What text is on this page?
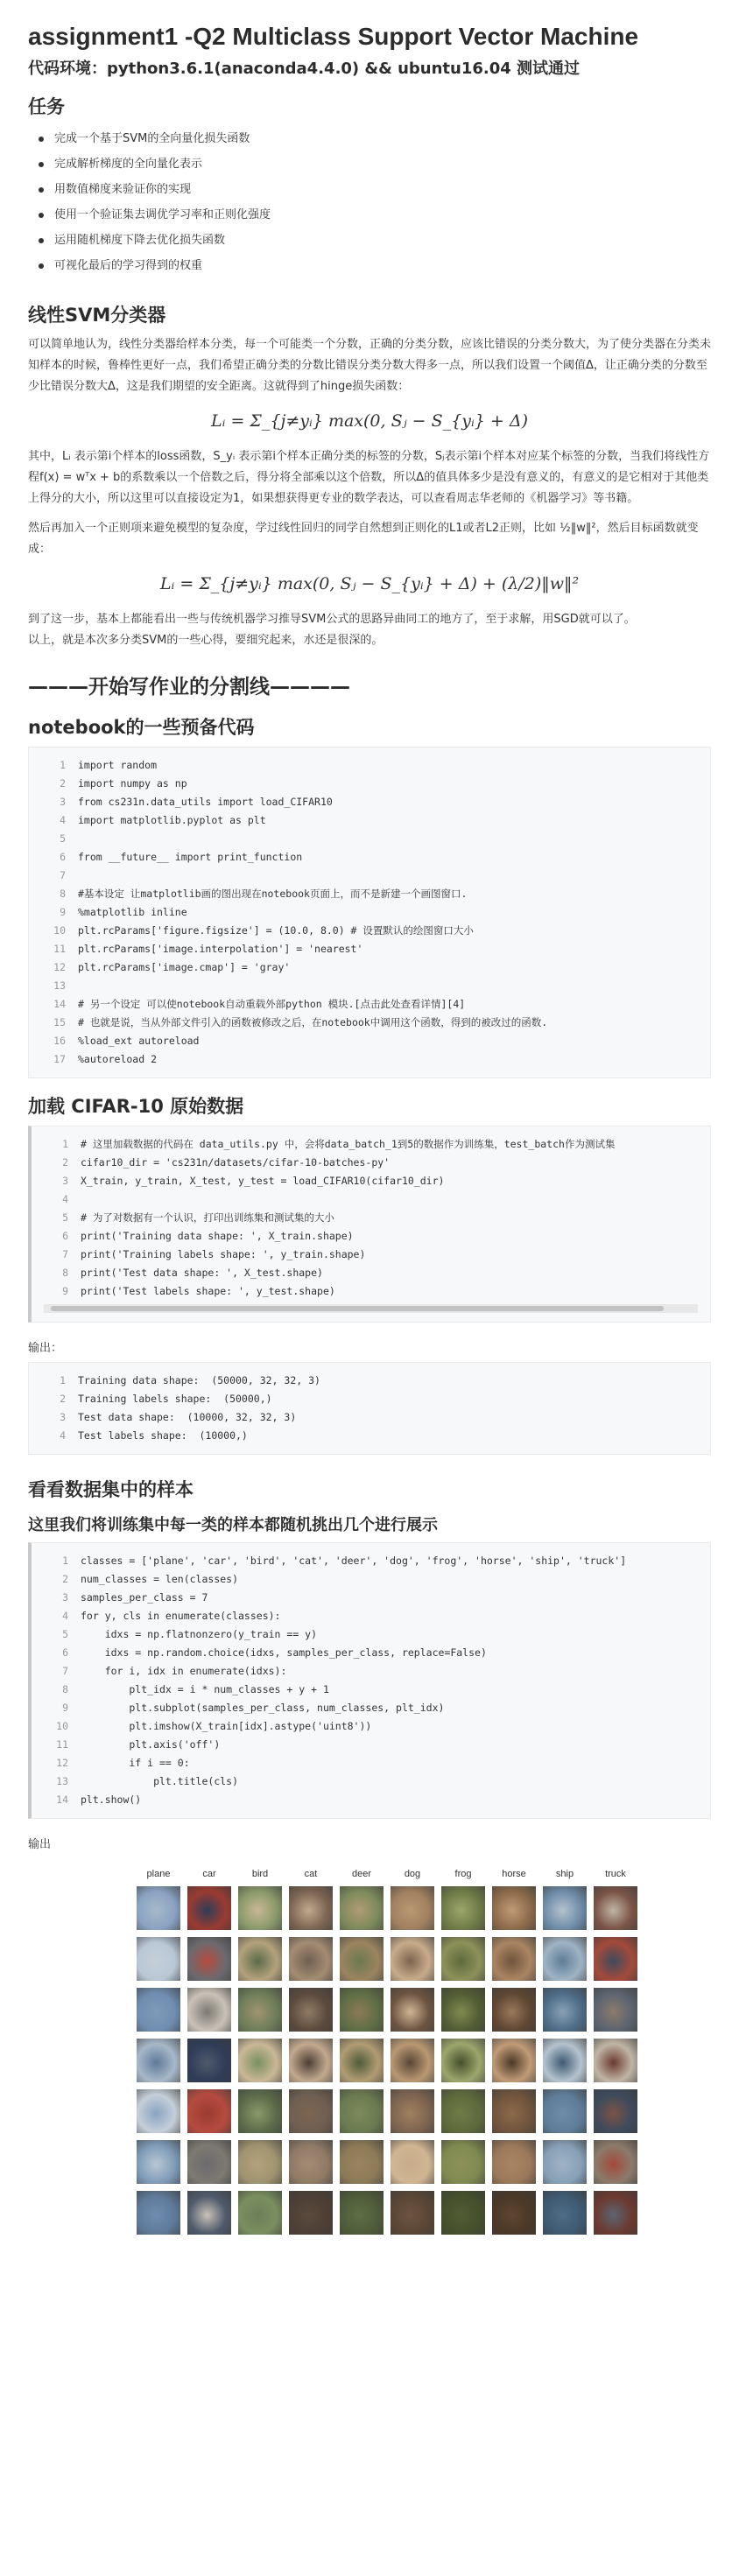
assignment1 -Q2 Multiclass Support Vector Machine
代码环境：python3.6.1(anaconda4.4.0) && ubuntu16.04 测试通过
任务
完成一个基于SVM的全向量化损失函数
完成解析梯度的全向量化表示
用数值梯度来验证你的实现
使用一个验证集去调优学习率和正则化强度
运用随机梯度下降去优化损失函数
可视化最后的学习得到的权重
线性SVM分类器

可以简单地认为，线性分类器给样本分类，每一个可能类一个分数，正确的分类分数，应该比错误的分类分数大，为了使分类器在分类未知样本的时候，鲁棒性更好一点，我们希望正确分类的分数比错误分类分数大得多一点，所以我们设置一个阈值Δ，让正确分类的分数至少比错误分数大Δ，这是我们期望的安全距离。这就得到了hinge损失函数：

Lᵢ = Σ_{j≠yᵢ} max(0, Sⱼ − S_{yᵢ} + Δ)

其中，Lᵢ 表示第i个样本的loss函数，S_yᵢ 表示第i个样本正确分类的标签的分数，Sⱼ表示第i个样本对应某个标签的分数，当我们将线性方程f(x) = wᵀx + b的系数乘以一个倍数之后，得分将全部乘以这个倍数，所以Δ的值具体多少是没有意义的，有意义的是它相对于其他类上得分的大小，所以这里可以直接设定为1，如果想获得更专业的数学表达，可以查看周志华老师的《机器学习》等书籍。

然后再加入一个正则项来避免模型的复杂度，学过线性回归的同学自然想到正则化的L1或者L2正则，比如 ½‖w‖²，然后目标函数就变成：

Lᵢ = Σ_{j≠yᵢ} max(0, Sⱼ − S_{yᵢ} + Δ) + (λ/2)‖w‖²

到了这一步，基本上都能看出一些与传统机器学习推导SVM公式的思路异曲同工的地方了，至于求解，用SGD就可以了。

以上，就是本次多分类SVM的一些心得，要细究起来，水还是很深的。

———开始写作业的分割线————
notebook的一些预备代码
1	import random
2	import numpy as np
3	from cs231n.data_utils import load_CIFAR10
4	import matplotlib.pyplot as plt
5
6	from __future__ import print_function
7
8	#基本设定 让matplotlib画的图出现在notebook页面上，而不是新建一个画图窗口.
9	%matplotlib inline
10	plt.rcParams['figure.figsize'] = (10.0, 8.0) # 设置默认的绘图窗口大小
11	plt.rcParams['image.interpolation'] = 'nearest'
12	plt.rcParams['image.cmap'] = 'gray'
13
14	# 另一个设定 可以使notebook自动重载外部python 模块.[点击此处查看详情][4]
15	# 也就是说，当从外部文件引入的函数被修改之后，在notebook中调用这个函数，得到的被改过的函数.
16	%load_ext autoreload
17	%autoreload 2
加载 CIFAR-10 原始数据
1	# 这里加载数据的代码在 data_utils.py 中，会将data_batch_1到5的数据作为训练集，test_batch作为测试集
2	cifar10_dir = 'cs231n/datasets/cifar-10-batches-py'
3	X_train, y_train, X_test, y_test = load_CIFAR10(cifar10_dir)
4
5	# 为了对数据有一个认识，打印出训练集和测试集的大小
6	print('Training data shape: ', X_train.shape)
7	print('Training labels shape: ', y_train.shape)
8	print('Test data shape: ', X_test.shape)
9	print('Test labels shape: ', y_test.shape)
输出：
1	Training data shape:  (50000, 32, 32, 3)
2	Training labels shape:  (50000,)
3	Test data shape:  (10000, 32, 32, 3)
4	Test labels shape:  (10000,)
看看数据集中的样本
这里我们将训练集中每一类的样本都随机挑出几个进行展示
1	classes = ['plane', 'car', 'bird', 'cat', 'deer', 'dog', 'frog', 'horse', 'ship', 'truck']
2	num_classes = len(classes)
3	samples_per_class = 7
4	for y, cls in enumerate(classes):
5	idxs = np.flatnonzero(y_train == y)
6	idxs = np.random.choice(idxs, samples_per_class, replace=False)
7	for i, idx in enumerate(idxs):
8	plt_idx = i * num_classes + y + 1
9	plt.subplot(samples_per_class, num_classes, plt_idx)
10	plt.imshow(X_train[idx].astype('uint8'))
11	plt.axis('off')
12	if i == 0:
13	plt.title(cls)
14	plt.show()
输出
plane	car	bird	cat	deer	dog	frog	horse	ship	truck
